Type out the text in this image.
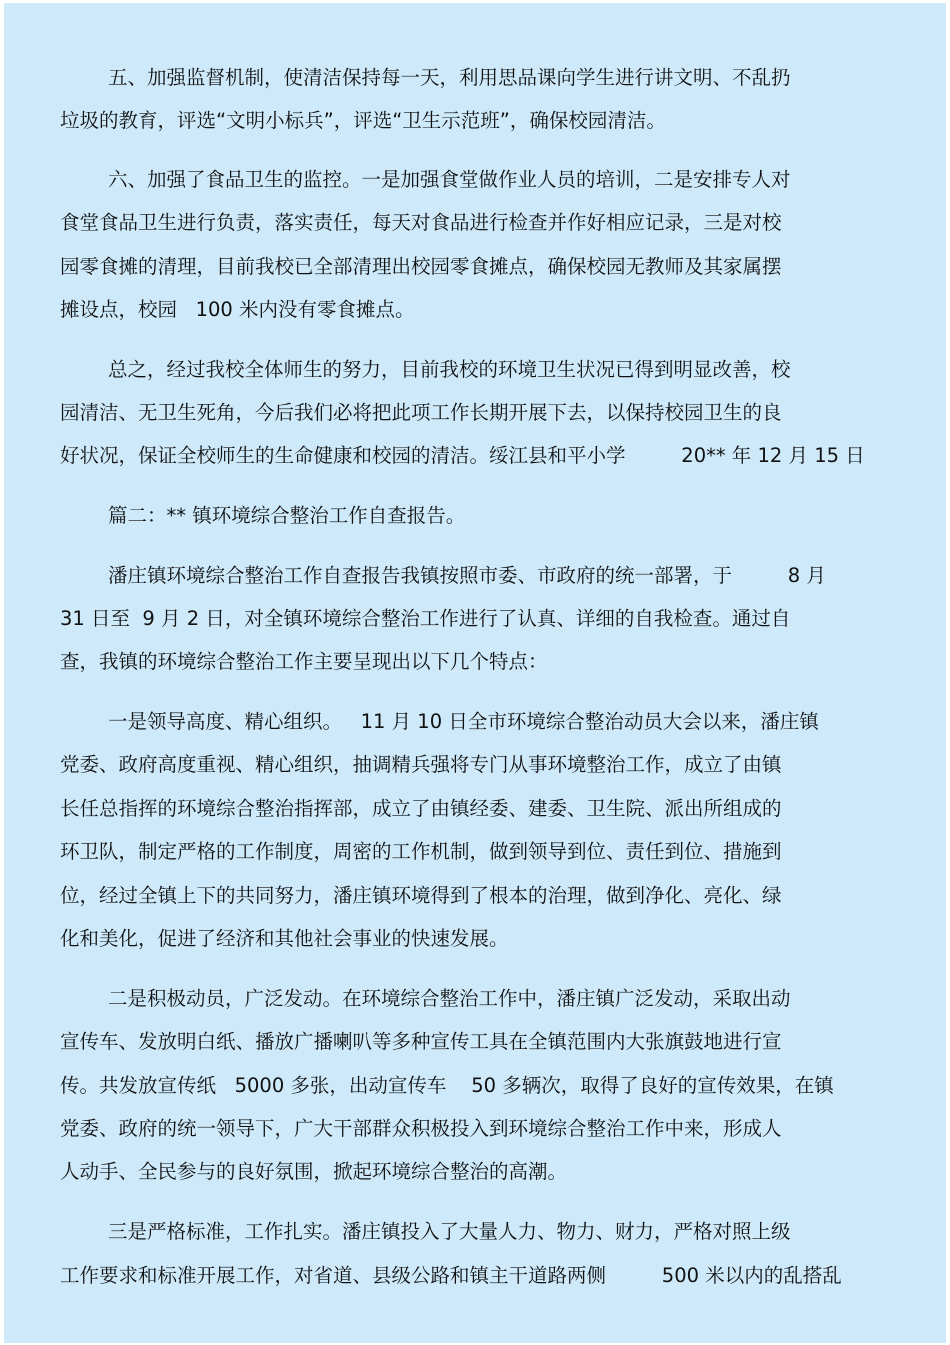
五、加强监督机制，使清洁保持每一天，利用思品课向学生进行讲文明、不乱扔

垃圾的教育，评选“文明小标兵”，评选“卫生示范班”，确保校园清洁。

六、加强了食品卫生的监控。一是加强食堂做作业人员的培训，二是安排专人对

食堂食品卫生进行负责，落实责任，每天对食品进行检查并作好相应记录，三是对校

园零食摊的清理，目前我校已全部清理出校园零食摊点，确保校园无教师及其家属摆

摊设点，校园   100 米内没有零食摊点。

总之，经过我校全体师生的努力，目前我校的环境卫生状况已得到明显改善，校

园清洁、无卫生死角，今后我们必将把此项工作长期开展下去，以保持校园卫生的良

好状况，保证全校师生的生命健康和校园的清洁。绥江县和平小学         20** 年 12 月 15 日

篇二：** 镇环境综合整治工作自查报告。

潘庄镇环境综合整治工作自查报告我镇按照市委、市政府的统一部署，于         8 月

31 日至  9 月 2 日，对全镇环境综合整治工作进行了认真、详细的自我检查。通过自

查，我镇的环境综合整治工作主要呈现出以下几个特点：

一是领导高度、精心组织。   11 月 10 日全市环境综合整治动员大会以来，潘庄镇

党委、政府高度重视、精心组织，抽调精兵强将专门从事环境整治工作，成立了由镇

长任总指挥的环境综合整治指挥部，成立了由镇经委、建委、卫生院、派出所组成的

环卫队，制定严格的工作制度，周密的工作机制，做到领导到位、责任到位、措施到

位，经过全镇上下的共同努力，潘庄镇环境得到了根本的治理，做到净化、亮化、绿

化和美化，促进了经济和其他社会事业的快速发展。

二是积极动员，广泛发动。在环境综合整治工作中，潘庄镇广泛发动，采取出动

宣传车、发放明白纸、播放广播喇叭等多种宣传工具在全镇范围内大张旗鼓地进行宣

传。共发放宣传纸   5000 多张，出动宣传车    50 多辆次，取得了良好的宣传效果，在镇

党委、政府的统一领导下，广大干部群众积极投入到环境综合整治工作中来，形成人

人动手、全民参与的良好氛围，掀起环境综合整治的高潮。

三是严格标准，工作扎实。潘庄镇投入了大量人力、物力、财力，严格对照上级

工作要求和标准开展工作，对省道、县级公路和镇主干道路两侧         500 米以内的乱搭乱
